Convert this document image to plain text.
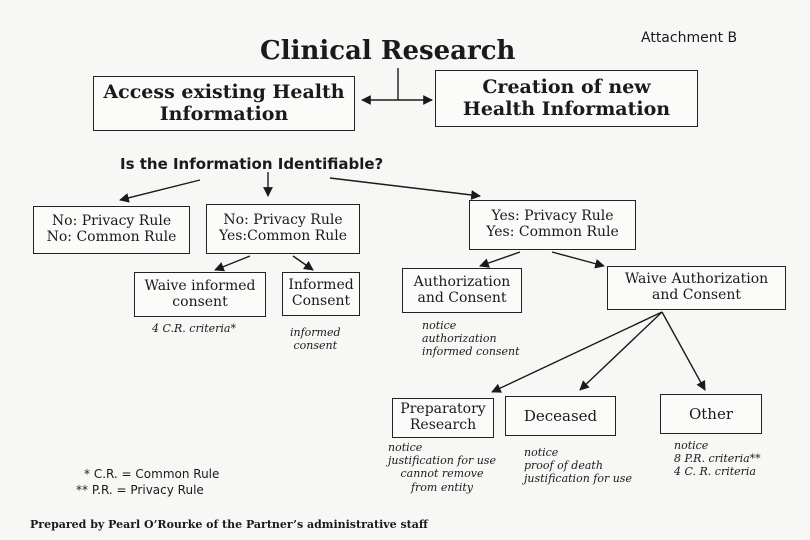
Clinical Research	Attachment B
Access existing Health
Information
Creation of new
Health Information
Is the Information Identifiable?
No: Privacy Rule
No: Common Rule
No: Privacy Rule
Yes:Common Rule
Yes: Privacy Rule
Yes: Common Rule
Waive informed
consent
Informed
Consent
Authorization
and Consent
Waive Authorization
and Consent
4 C.R. criteria*	informed
consent
notice
authorization
informed consent
Preparatory
Research
Deceased	Other
notice
justification for use
cannot remove
from entity
notice
proof of death
justification for use
notice
8 P.R. criteria**
4 C. R. criteria
* C.R. = Common Rule
** P.R. = Privacy Rule
Prepared by Pearl O’Rourke of the Partner’s administrative staff
